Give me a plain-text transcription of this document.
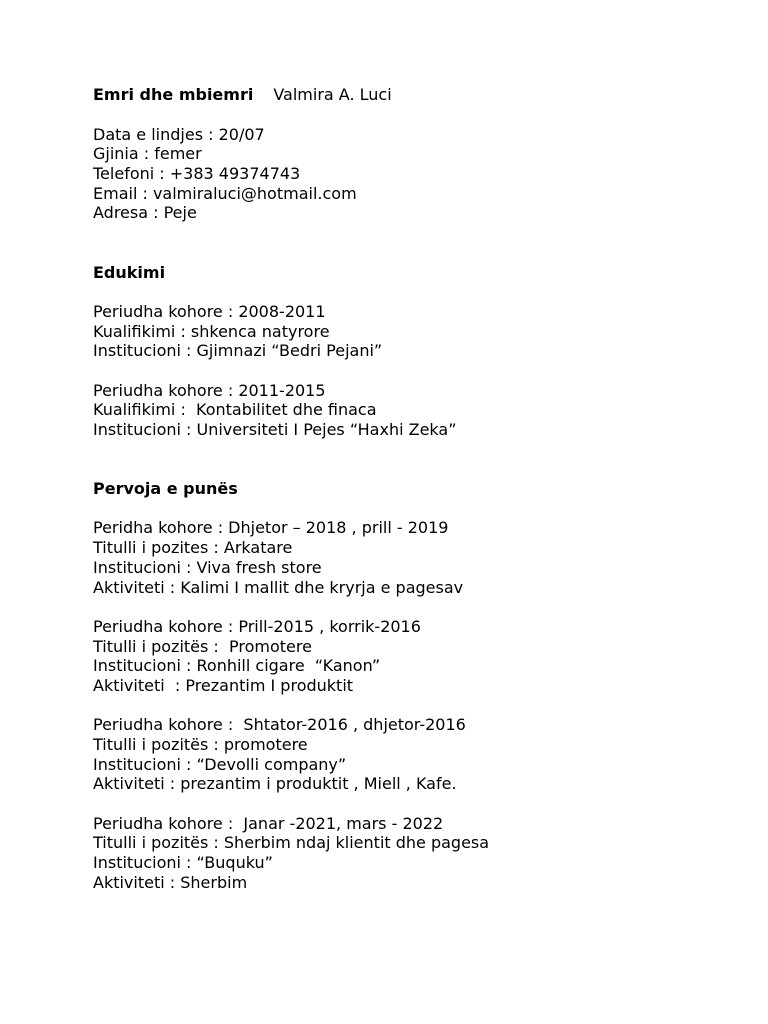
Emri dhe mbiemri Valmira A. Luci
Data e lindjes : 20/07
Gjinia : femer
Telefoni : +383 49374743
Email : valmiraluci@hotmail.com
Adresa : Peje
Edukimi
Periudha kohore : 2008-2011
Kualifikimi : shkenca natyrore
Institucioni : Gjimnazi “Bedri Pejani”
Periudha kohore : 2011-2015
Kualifikimi :  Kontabilitet dhe finaca
Institucioni : Universiteti I Pejes “Haxhi Zeka”
Pervoja e punës
Peridha kohore : Dhjetor – 2018 , prill - 2019
Titulli i pozites : Arkatare
Institucioni : Viva fresh store
Aktiviteti : Kalimi I mallit dhe kryrja e pagesav
Periudha kohore : Prill-2015 , korrik-2016
Titulli i pozitës :  Promotere
Institucioni : Ronhill cigare  “Kanon”
Aktiviteti  : Prezantim I produktit
Periudha kohore :  Shtator-2016 , dhjetor-2016
Titulli i pozitës : promotere
Institucioni : “Devolli company”
Aktiviteti : prezantim i produktit , Miell , Kafe.
Periudha kohore :  Janar -2021, mars - 2022
Titulli i pozitës : Sherbim ndaj klientit dhe pagesa
Institucioni : “Buquku”
Aktiviteti : Sherbim
